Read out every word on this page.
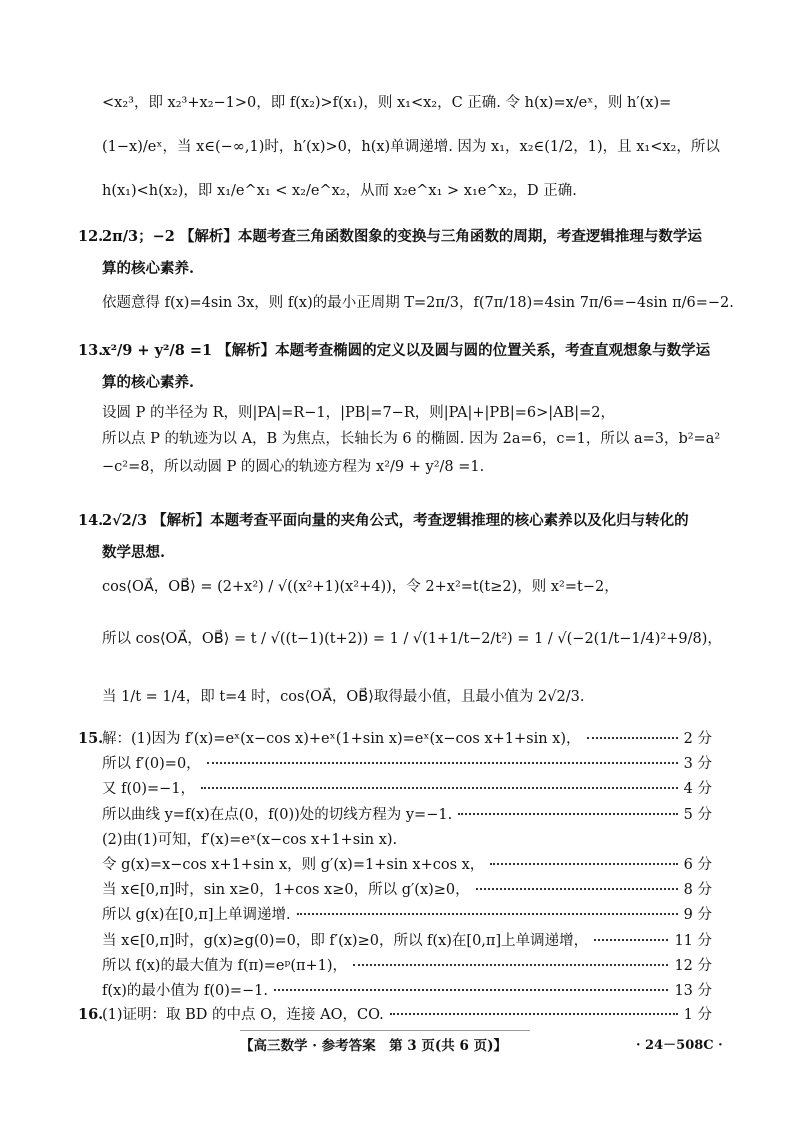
<x₂³，即 x₂³+x₂−1>0，即 f(x₂)>f(x₁)，则 x₁<x₂，C 正确. 令 h(x)=x/eˣ，则 h′(x)=
(1−x)/eˣ，当 x∈(−∞,1)时，h′(x)>0，h(x)单调递增. 因为 x₁，x₂∈(1/2，1)，且 x₁<x₂，所以
h(x₁)<h(x₂)，即 x₁/e^x₁ < x₂/e^x₂，从而 x₂e^x₁ > x₁e^x₂，D 正确.
12.
2π/3；−2 【解析】本题考查三角函数图象的变换与三角函数的周期，考查逻辑推理与数学运
算的核心素养.
依题意得 f(x)=4sin 3x，则 f(x)的最小正周期 T=2π/3，f(7π/18)=4sin 7π/6=−4sin π/6=−2.
13.
x²/9 + y²/8 =1 【解析】本题考查椭圆的定义以及圆与圆的位置关系，考查直观想象与数学运
算的核心素养.
设圆 P 的半径为 R，则|PA|=R−1，|PB|=7−R，则|PA|+|PB|=6>|AB|=2，
所以点 P 的轨迹为以 A，B 为焦点，长轴长为 6 的椭圆. 因为 2a=6，c=1，所以 a=3，b²=a²
−c²=8，所以动圆 P 的圆心的轨迹方程为 x²/9 + y²/8 =1.
14.
2√2/3 【解析】本题考查平面向量的夹角公式，考查逻辑推理的核心素养以及化归与转化的
数学思想.
cos⟨OA⃗，OB⃗⟩ = (2+x²) / √((x²+1)(x²+4))，令 2+x²=t(t≥2)，则 x²=t−2，
所以 cos⟨OA⃗，OB⃗⟩ = t / √((t−1)(t+2)) = 1 / √(1+1/t−2/t²) = 1 / √(−2(1/t−1/4)²+9/8)，
当 1/t = 1/4，即 t=4 时，cos⟨OA⃗，OB⃗⟩取得最小值，且最小值为 2√2/3.
15.
解：(1)因为 f′(x)=eˣ(x−cos x)+eˣ(1+sin x)=eˣ(x−cos x+1+sin x)，	2 分
所以 f′(0)=0，	3 分
又 f(0)=−1，	4 分
所以曲线 y=f(x)在点(0，f(0))处的切线方程为 y=−1.	5 分
(2)由(1)可知，f′(x)=eˣ(x−cos x+1+sin x).
令 g(x)=x−cos x+1+sin x，则 g′(x)=1+sin x+cos x，	6 分
当 x∈[0,π]时，sin x≥0，1+cos x≥0，所以 g′(x)≥0，	8 分
所以 g(x)在[0,π]上单调递增.	9 分
当 x∈[0,π]时，g(x)≥g(0)=0，即 f′(x)≥0，所以 f(x)在[0,π]上单调递增，	11 分
所以 f(x)的最大值为 f(π)=eᵖ(π+1)，	12 分
f(x)的最小值为 f(0)=−1.	13 分
16.
(1)证明：取 BD 的中点 O，连接 AO，CO.	1 分
【高三数学 · 参考答案　第 3 页(共 6 页)】	· 24－508C ·
